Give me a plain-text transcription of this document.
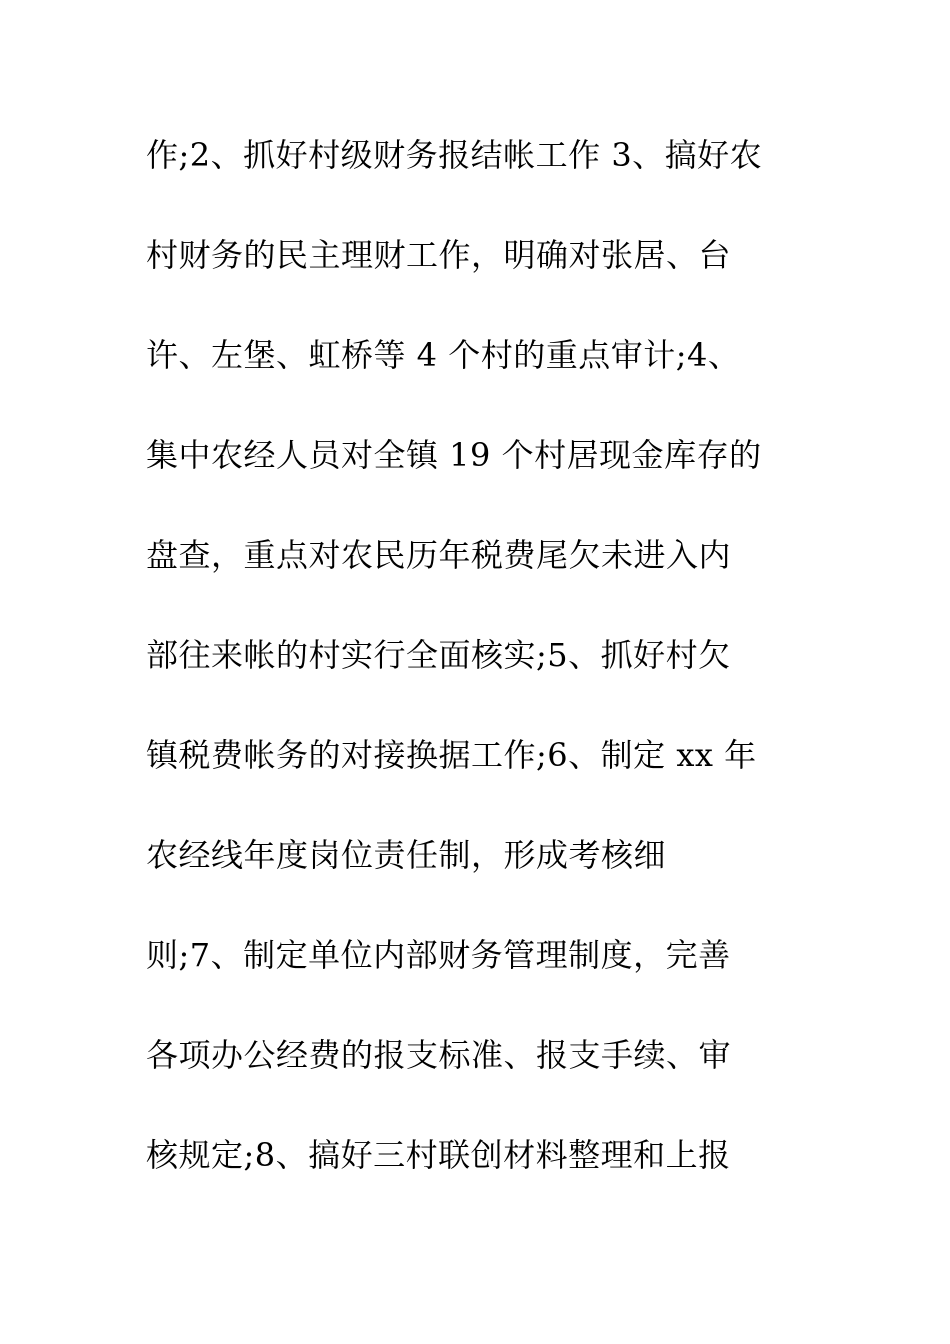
作;2、抓好村级财务报结帐工作 3、搞好农
村财务的民主理财工作，明确对张居、台
许、左堡、虹桥等 4 个村的重点审计;4、
集中农经人员对全镇 19 个村居现金库存的
盘查，重点对农民历年税费尾欠未进入内
部往来帐的村实行全面核实;5、抓好村欠
镇税费帐务的对接换据工作;6、制定 xx 年
农经线年度岗位责任制，形成考核细
则;7、制定单位内部财务管理制度，完善
各项办公经费的报支标准、报支手续、审
核规定;8、搞好三村联创材料整理和上报
